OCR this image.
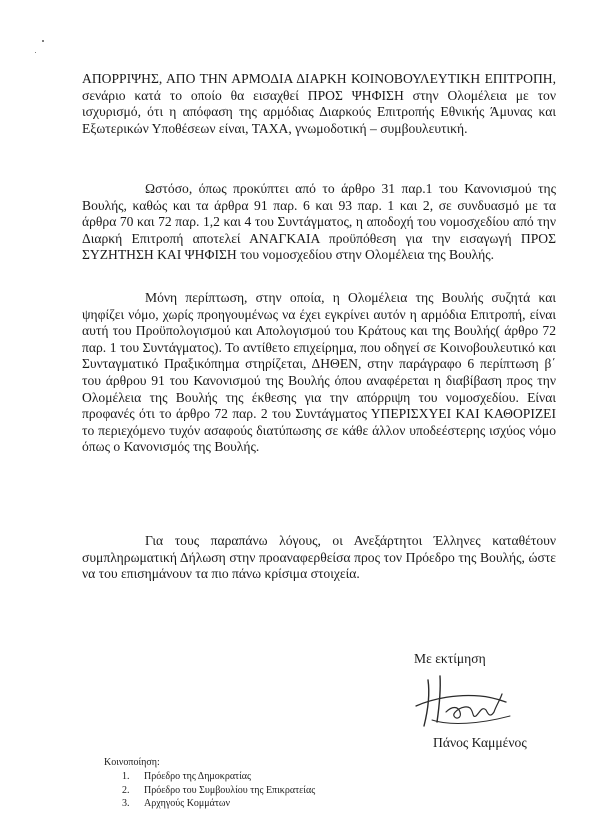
ΑΠΟΡΡΙΨΗΣ, ΑΠΟ ΤΗΝ ΑΡΜΟΔΙΑ ΔΙΑΡΚΗ ΚΟΙΝΟΒΟΥΛΕΥΤΙΚΗ ΕΠΙΤΡΟΠΗ, σενάριο κατά το οποίο θα εισαχθεί ΠΡΟΣ ΨΗΦΙΣΗ στην Ολομέλεια με τον ισχυρισμό, ότι η απόφαση της αρμόδιας Διαρκούς Επιτροπής Εθνικής Άμυνας και Εξωτερικών Υποθέσεων είναι, ΤΑΧΑ, γνωμοδοτική – συμβουλευτική.

Ωστόσο, όπως προκύπτει από το άρθρο 31 παρ.1 του Κανονισμού της Βουλής, καθώς και τα άρθρα 91 παρ. 6 και 93 παρ. 1 και 2, σε συνδυασμό με τα άρθρα 70 και 72 παρ. 1,2 και 4 του Συντάγματος, η αποδοχή του νομοσχεδίου από την Διαρκή Επιτροπή αποτελεί ΑΝΑΓΚΑΙΑ προϋπόθεση για την εισαγωγή ΠΡΟΣ ΣΥΖΗΤΗΣΗ ΚΑΙ ΨΗΦΙΣΗ του νομοσχεδίου στην Ολομέλεια της Βουλής.

Μόνη περίπτωση, στην οποία, η Ολομέλεια της Βουλής συζητά και ψηφίζει νόμο, χωρίς προηγουμένως να έχει εγκρίνει αυτόν η αρμόδια Επιτροπή, είναι αυτή του Προϋπολογισμού και Απολογισμού του Κράτους και της Βουλής( άρθρο 72 παρ. 1 του Συντάγματος). Το αντίθετο επιχείρημα, που οδηγεί σε Κοινοβουλευτικό και Συνταγματικό Πραξικόπημα στηρίζεται, ΔΗΘΕΝ, στην παράγραφο 6 περίπτωση β΄ του άρθρου 91 του Κανονισμού της Βουλής όπου αναφέρεται η διαβίβαση προς την Ολομέλεια της Βουλής της έκθεσης για την απόρριψη του νομοσχεδίου. Είναι προφανές ότι το άρθρο 72 παρ. 2 του Συντάγματος ΥΠΕΡΙΣΧΥΕΙ ΚΑΙ ΚΑΘΟΡΙΖΕΙ το περιεχόμενο τυχόν ασαφούς διατύπωσης σε κάθε άλλον υποδεέστερης ισχύος νόμο όπως ο Κανονισμός της Βουλής.

Για τους παραπάνω λόγους, οι Ανεξάρτητοι Έλληνες καταθέτουν συμπληρωματική Δήλωση στην προαναφερθείσα προς τον Πρόεδρο της Βουλής, ώστε να του επισημάνουν τα πιο πάνω κρίσιμα στοιχεία.

Με εκτίμηση

Πάνος Καμμένος

Κοινοποίηση:

1. Πρόεδρο της Δημοκρατίας
2. Πρόεδρο του Συμβουλίου της Επικρατείας
3. Αρχηγούς Κομμάτων
